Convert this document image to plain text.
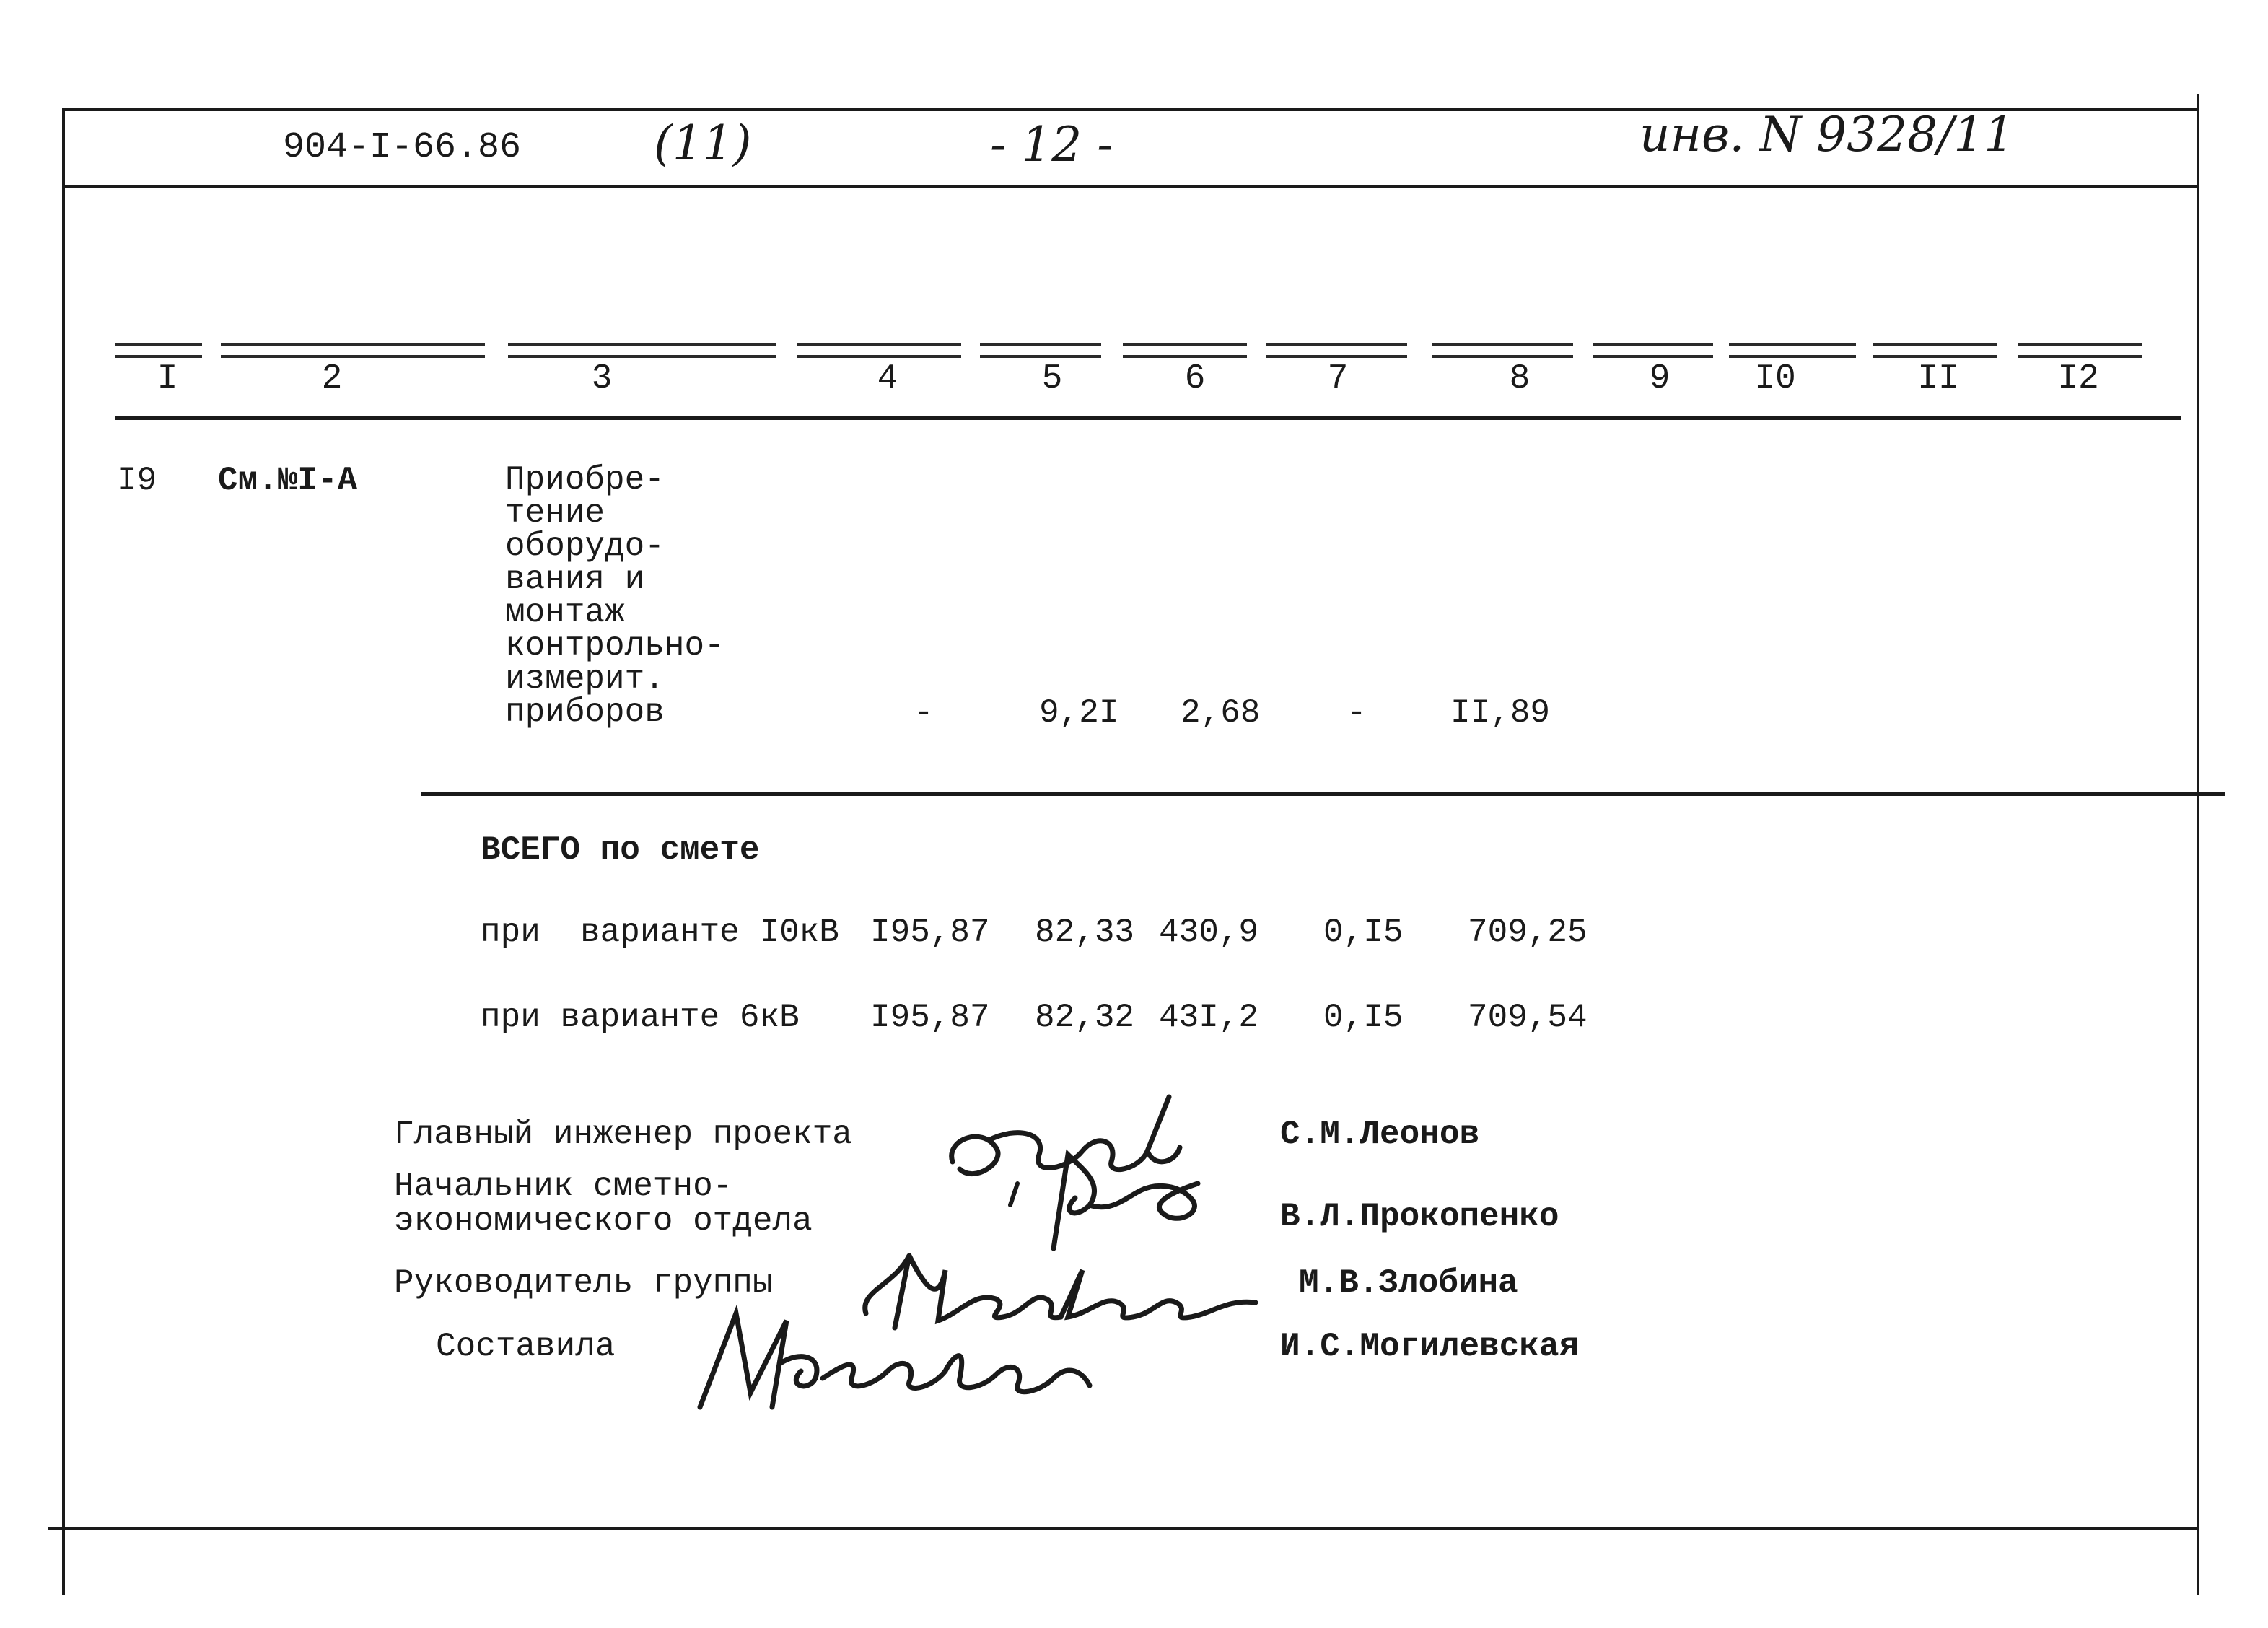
904-I-66.86	(11)	- 12 -	инв. N 9328/11
I	2	3	4	5	6	7	8	9	I0	II	I2
I9 См.№I-А	Приобре-
тение
оборудо-
вания и
монтаж
контрольно-
измерит.
приборов	-	9,2I 2,68	-	II,89
ВСЕГО по смете
при  варианте I0кВ I95,87 82,33 430,9 0,I5 709,25
при варианте 6кВ I95,87 82,32 43I,2 0,I5 709,54
Главный инженер проекта	С.М.Леонов
Начальник сметно-
экономического отдела	В.Л.Прокопенко
Руководитель группы	М.В.Злобина
Составила	И.С.Могилевская
